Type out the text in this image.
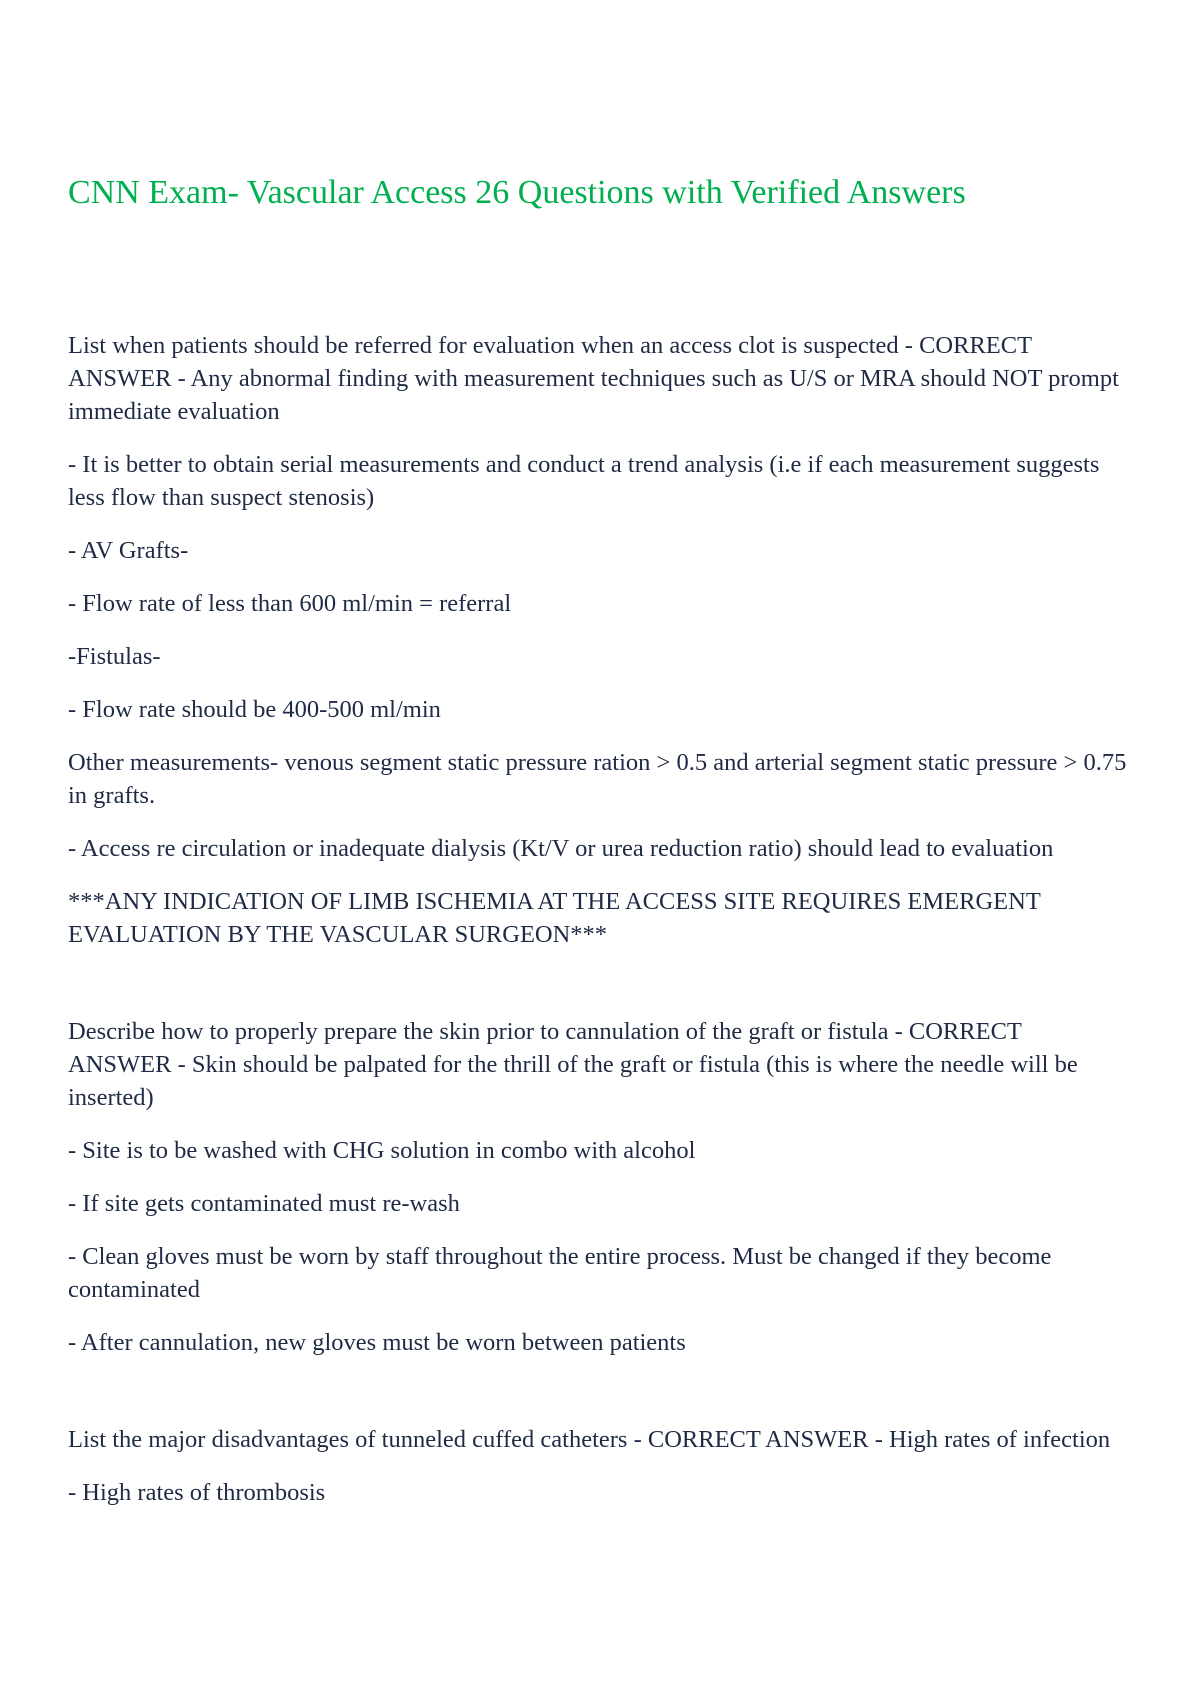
CNN Exam- Vascular Access 26 Questions with Verified Answers

List when patients should be referred for evaluation when an access clot is suspected - CORRECT ANSWER - Any abnormal finding with measurement techniques such as U/S or MRA should NOT prompt immediate evaluation

- It is better to obtain serial measurements and conduct a trend analysis (i.e if each measurement suggests less flow than suspect stenosis)

- AV Grafts-

- Flow rate of less than 600 ml/min = referral

-Fistulas-

- Flow rate should be 400-500 ml/min

Other measurements- venous segment static pressure ration > 0.5 and arterial segment static pressure > 0.75 in grafts.

- Access re circulation or inadequate dialysis (Kt/V or urea reduction ratio) should lead to evaluation

***ANY INDICATION OF LIMB ISCHEMIA AT THE ACCESS SITE REQUIRES EMERGENT EVALUATION BY THE VASCULAR SURGEON***

Describe how to properly prepare the skin prior to cannulation of the graft or fistula - CORRECT ANSWER - Skin should be palpated for the thrill of the graft or fistula (this is where the needle will be inserted)

- Site is to be washed with CHG solution in combo with alcohol

- If site gets contaminated must re-wash

- Clean gloves must be worn by staff throughout the entire process. Must be changed if they become contaminated

- After cannulation, new gloves must be worn between patients

List the major disadvantages of tunneled cuffed catheters - CORRECT ANSWER - High rates of infection

- High rates of thrombosis
